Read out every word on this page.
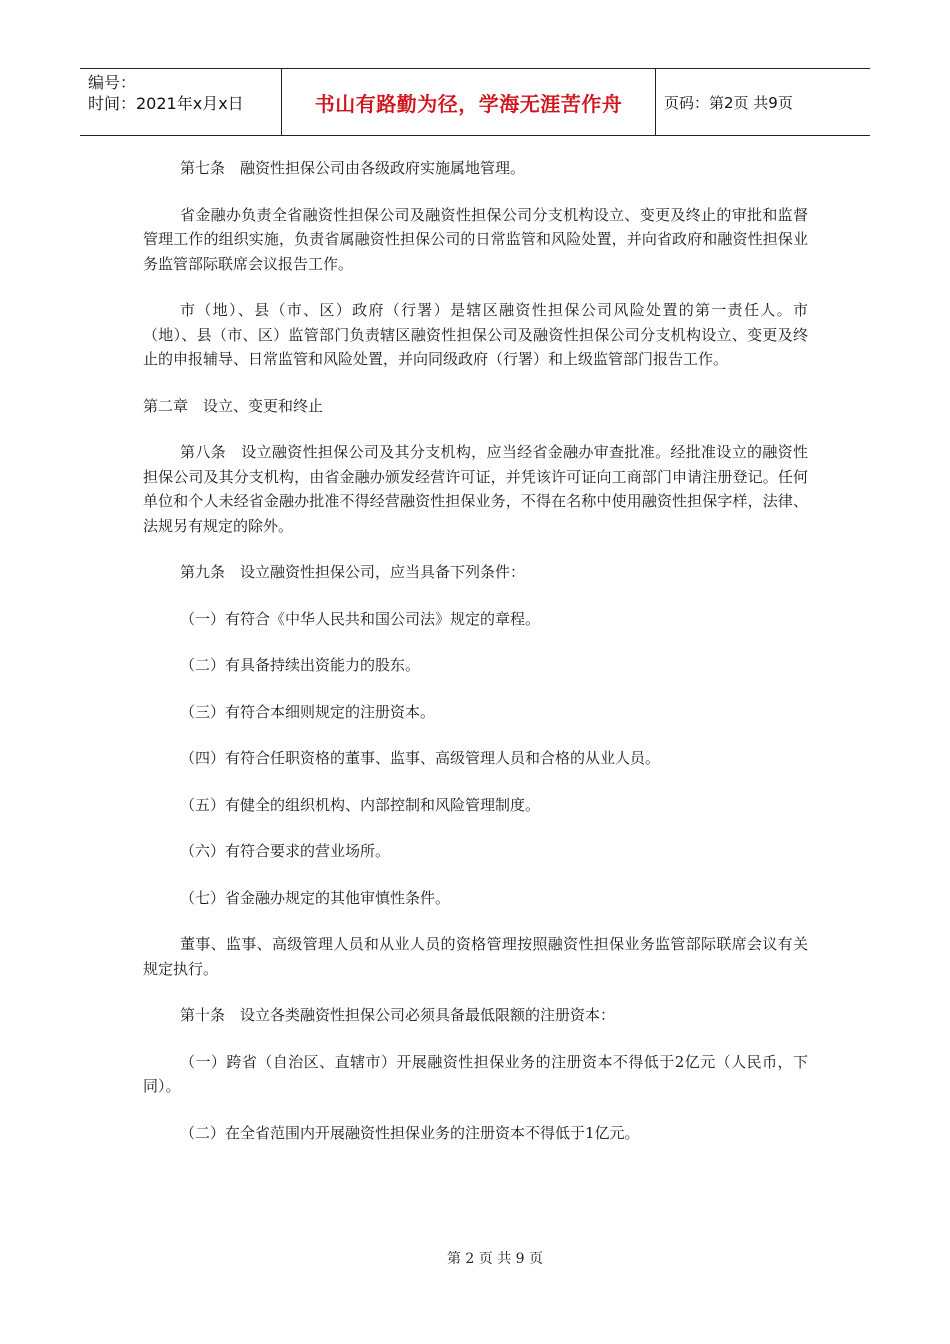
编号：
时间：2021年x月x日	书山有路勤为径，学海无涯苦作舟	页码：第2页 共9页

第七条　融资性担保公司由各级政府实施属地管理。

省金融办负责全省融资性担保公司及融资性担保公司分支机构设立、变更及终止的审批和监督管理工作的组织实施，负责省属融资性担保公司的日常监管和风险处置，并向省政府和融资性担保业务监管部际联席会议报告工作。

市（地）、县（市、区）政府（行署）是辖区融资性担保公司风险处置的第一责任人。市（地）、县（市、区）监管部门负责辖区融资性担保公司及融资性担保公司分支机构设立、变更及终止的申报辅导、日常监管和风险处置，并向同级政府（行署）和上级监管部门报告工作。

第二章　设立、变更和终止

第八条　设立融资性担保公司及其分支机构，应当经省金融办审查批准。经批准设立的融资性担保公司及其分支机构，由省金融办颁发经营许可证，并凭该许可证向工商部门申请注册登记。任何单位和个人未经省金融办批准不得经营融资性担保业务，不得在名称中使用融资性担保字样，法律、法规另有规定的除外。

第九条　设立融资性担保公司，应当具备下列条件：

（一）有符合《中华人民共和国公司法》规定的章程。

（二）有具备持续出资能力的股东。

（三）有符合本细则规定的注册资本。

（四）有符合任职资格的董事、监事、高级管理人员和合格的从业人员。

（五）有健全的组织机构、内部控制和风险管理制度。

（六）有符合要求的营业场所。

（七）省金融办规定的其他审慎性条件。

董事、监事、高级管理人员和从业人员的资格管理按照融资性担保业务监管部际联席会议有关规定执行。

第十条　设立各类融资性担保公司必须具备最低限额的注册资本：

（一）跨省（自治区、直辖市）开展融资性担保业务的注册资本不得低于2亿元（人民币，下同）。

（二）在全省范围内开展融资性担保业务的注册资本不得低于1亿元。

第 2 页 共 9 页
